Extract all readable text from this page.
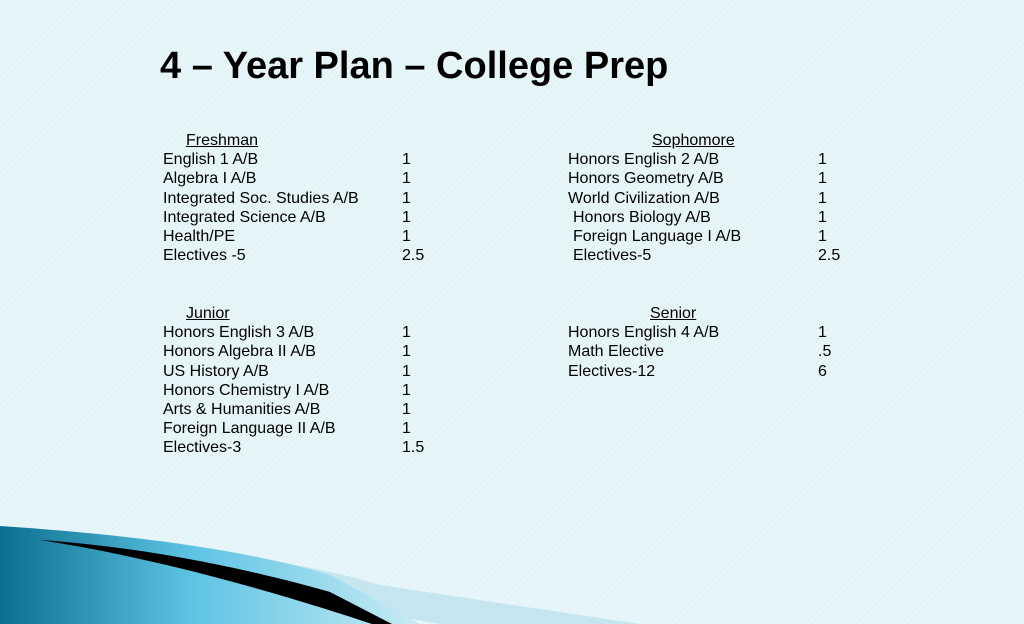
4 – Year Plan – College Prep
Freshman
English 1 A/B	1
Algebra I A/B	1
Integrated Soc. Studies A/B	1
Integrated Science A/B	1
Health/PE	1
Electives -5	2.5
Sophomore
Honors English 2 A/B	1
Honors Geometry A/B	1
World Civilization A/B	1
Honors Biology A/B	1
Foreign Language I A/B	1
Electives-5	2.5
Junior
Honors English 3 A/B	1
Honors Algebra II A/B	1
US History A/B	1
Honors Chemistry I A/B	1
Arts & Humanities A/B	1
Foreign Language II A/B	1
Electives-3	1.5
Senior
Honors English 4 A/B	1
Math Elective	.5
Electives-12	6
